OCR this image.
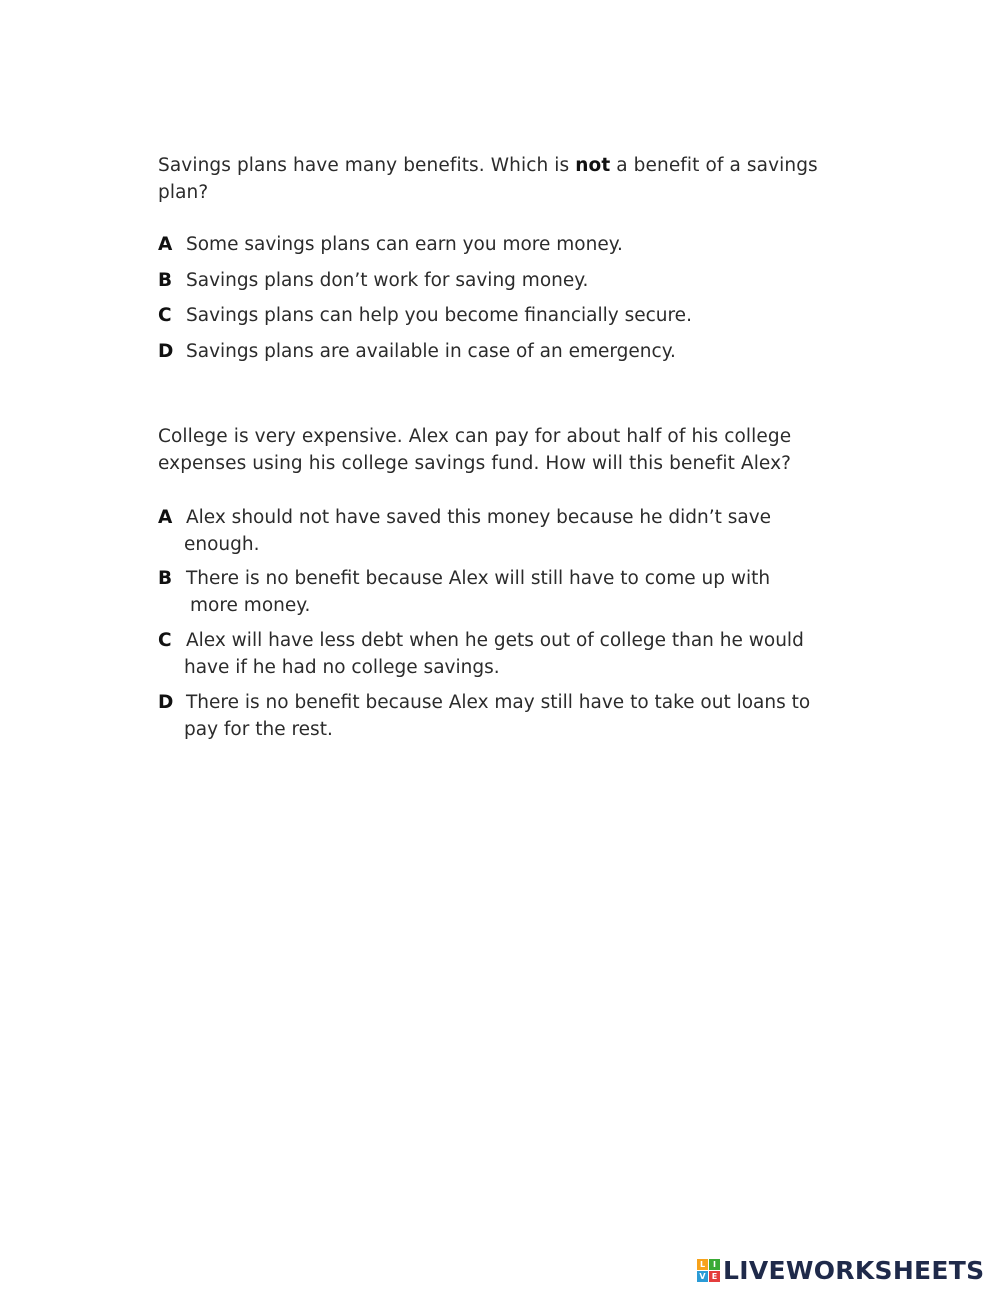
Savings plans have many benefits. Which is not a benefit of a savings plan?
A Some savings plans can earn you more money.
B Savings plans don’t work for saving money.
C Savings plans can help you become financially secure.
D Savings plans are available in case of an emergency.
College is very expensive. Alex can pay for about half of his college
expenses using his college savings fund. How will this benefit Alex?
A Alex should not have saved this money because he didn’t save
enough.
B There is no benefit because Alex will still have to come up with
more money.
C Alex will have less debt when he gets out of college than he would
have if he had no college savings.
D There is no benefit because Alex may still have to take out loans to
pay for the rest.
L I
V E LIVEWORKSHEETS
